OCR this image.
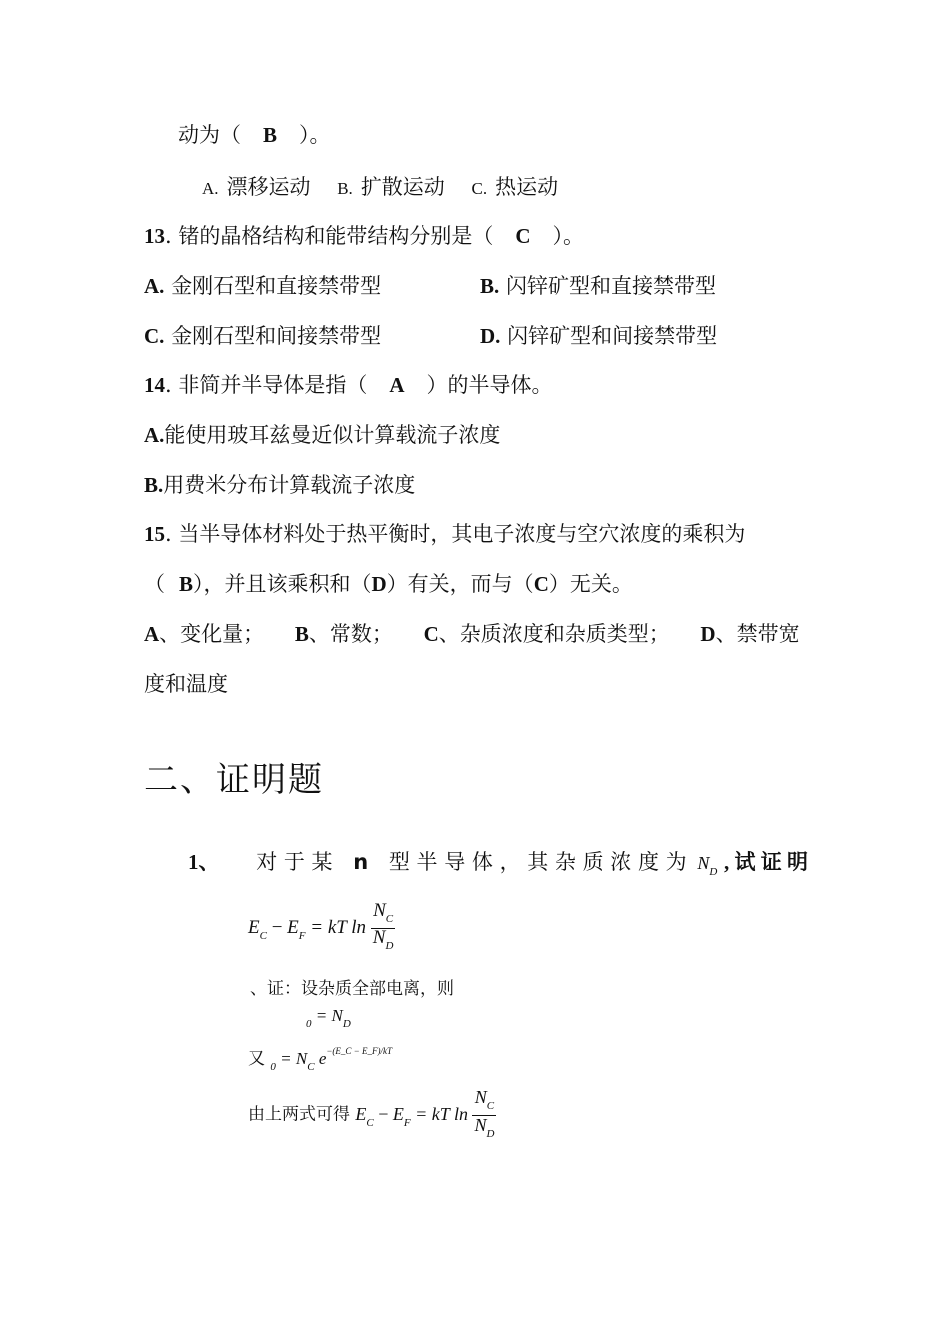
动为（ B ）。
A. 漂移运动 B. 扩散运动 C. 热运动
13. 锗的晶格结构和能带结构分别是（ C ）。
A. 金刚石型和直接禁带型	B. 闪锌矿型和直接禁带型
C. 金刚石型和间接禁带型	D. 闪锌矿型和间接禁带型
14. 非简并半导体是指（ A ）的半导体。
A.能使用玻耳兹曼近似计算载流子浓度
B.用费米分布计算载流子浓度
15. 当半导体材料处于热平衡时，其电子浓度与空穴浓度的乘积为
（ B），并且该乘积和（D）有关，而与（C）无关。
A、变化量； B、常数； C、杂质浓度和杂质类型； D、禁带宽
度和温度
二、证明题
1、 对 于 某 n 型 半 导 体 ， 其 杂 质 浓 度 为 $N_D$ , 试 证 明
$E_C - E_F$ = kT $\ln \frac{N_C}{N_D}$
、证：设杂质全部电离，则
$_0 = N_D$
又 $_0 = N_C$ $e^{-(E\_C - E\_F)/kT}$
由上两式可得 $E_C - E_F$ = kT $\ln \frac{N_C}{N_D}$
